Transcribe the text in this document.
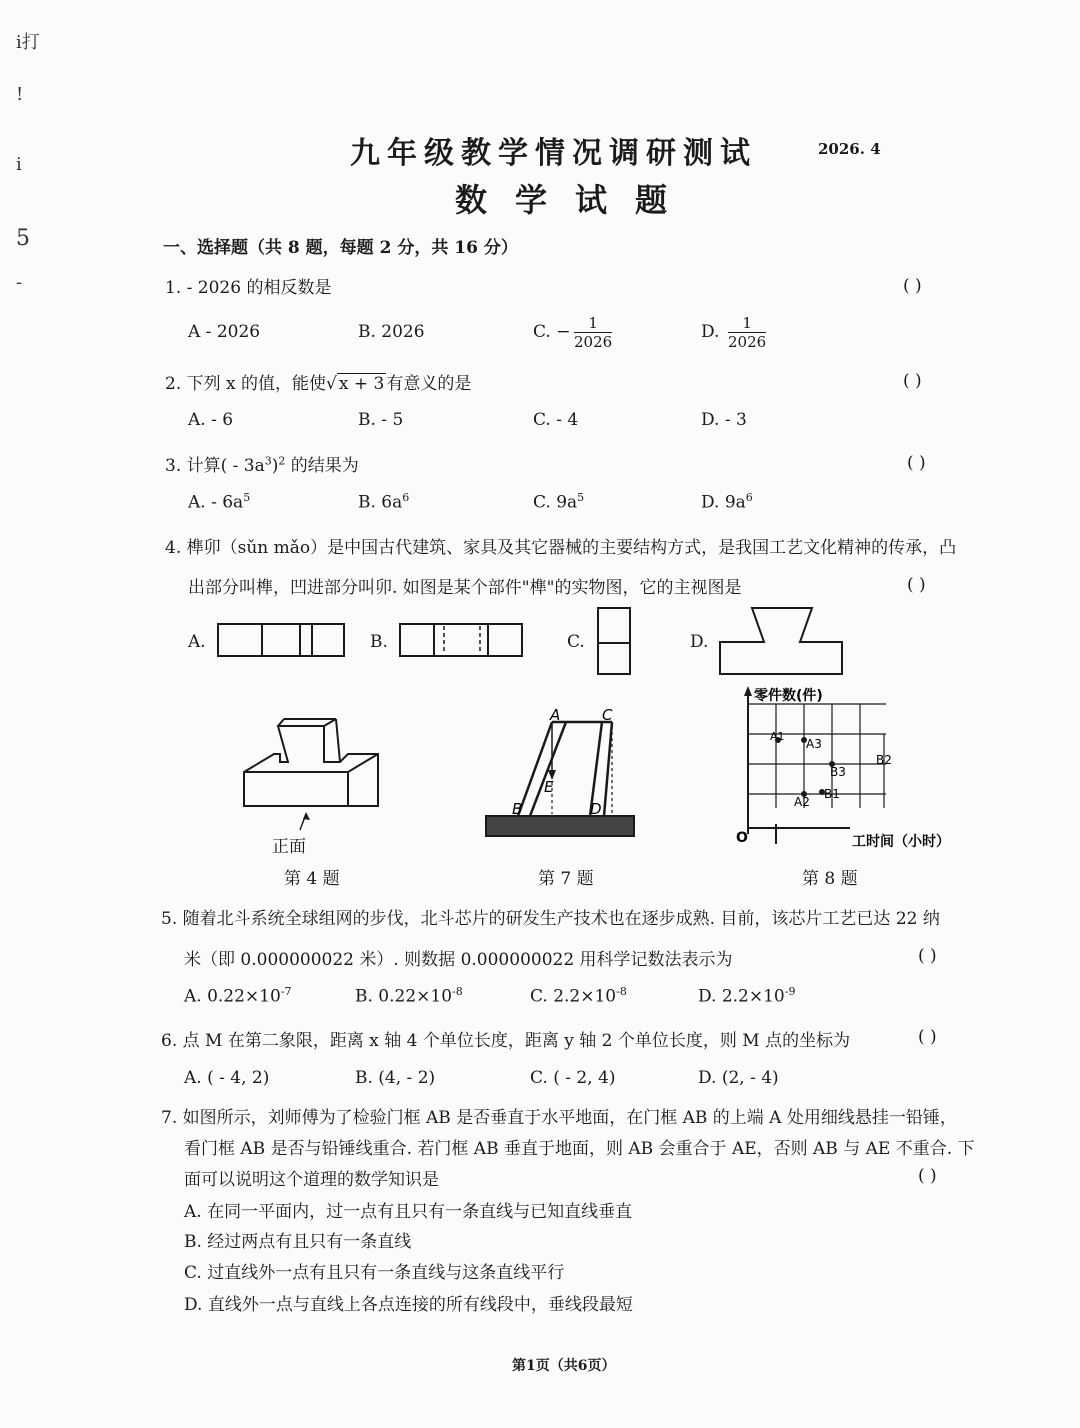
i打
!
i
5
-
九年级教学情况调研测试	2026. 4
数学试题
一、选择题（共 8 题，每题 2 分，共 16 分）
1. - 2026 的相反数是	( )
A - 2026	B. 2026	C. − $\frac{1}{2026}$	D. $\frac{1}{2026}$
2. 下列 x 的值，能使√ x + 3 有意义的是	( )
A. - 6	B. - 5	C. - 4	D. - 3
3. 计算( - $3a^3)^2$ 的结果为	( )
A. - $6a^5$	B. $6a^6$	C. $9a^5$	D. $9a^6$
4. 榫卯（sǔn mǎo）是中国古代建筑、家具及其它器械的主要结构方式，是我国工艺文化精神的传承，凸
出部分叫榫，凹进部分叫卯. 如图是某个部件"榫"的实物图，它的主视图是	( )
A.	B.	C.	D.
正面
第 4 题
A	C
E
B	D
第 7 题
零件数(件)
O	工时间（小时）
A3
B3
B2
A2
B1
A1
第 8 题
5. 随着北斗系统全球组网的步伐，北斗芯片的研发生产技术也在逐步成熟. 目前，该芯片工艺已达 22 纳
米（即 0.000000022 米）. 则数据 0.000000022 用科学记数法表示为	( )
A. $0.22\times 10^{-7}$	B. $0.22\times 10^{-8}$	C. $2.2\times 10^{-8}$	D. $2.2\times 10^{-9}$
6. 点 M 在第二象限，距离 x 轴 4 个单位长度，距离 y 轴 2 个单位长度，则 M 点的坐标为	( )
A. ( - 4, 2)	B. (4, - 2)	C. ( - 2, 4)	D. (2, - 4)
7. 如图所示，刘师傅为了检验门框 AB 是否垂直于水平地面，在门框 AB 的上端 A 处用细线悬挂一铅锤，
看门框 AB 是否与铅锤线重合. 若门框 AB 垂直于地面，则 AB 会重合于 AE，否则 AB 与 AE 不重合. 下
面可以说明这个道理的数学知识是	( )
A. 在同一平面内，过一点有且只有一条直线与已知直线垂直
B. 经过两点有且只有一条直线
C. 过直线外一点有且只有一条直线与这条直线平行
D. 直线外一点与直线上各点连接的所有线段中，垂线段最短
第1页（共6页）
